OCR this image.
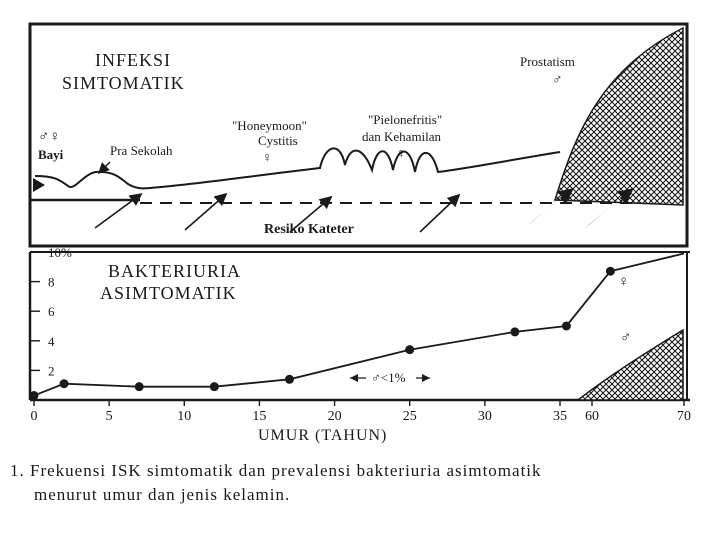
INFEKSI
SIMTOMATIK
♂♀
Bayi	Pra Sekolah
"Honeymoon"
Cystitis
♀
"Pielonefritis"
dan Kehamilan
♀
Prostatism
♂
Resiko Kateter
BAKTERIURIA
ASIMTOMATIK
10%
8
6
4
2
0	5	10	15	20	25	30	35 60	70
♀
♂
♂<1%
UMUR (TAHUN)
1. Frekuensi ISK simtomatik dan prevalensi bakteriuria asimtomatik
menurut umur dan jenis kelamin.
